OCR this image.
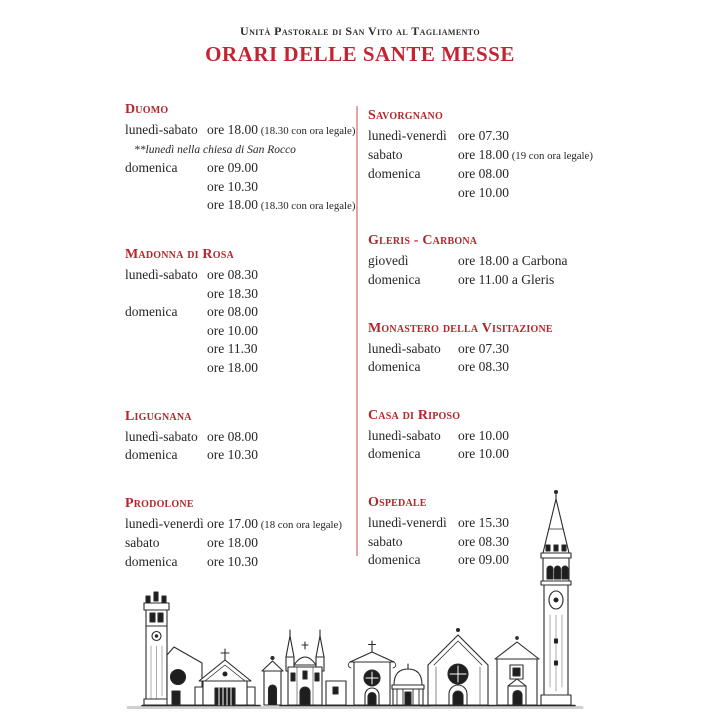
Unità Pastorale di San Vito al Tagliamento
ORARI DELLE SANTE MESSE
Duomo
lunedì-sabato ore 18.00 (18.30 con ora legale)
**lunedì nella chiesa di San Rocco
domenica	ore 09.00
ore 10.30
ore 18.00 (18.30 con ora legale)
Madonna di Rosa
lunedì-sabato ore 08.30
ore 18.30
domenica	ore 08.00
ore 10.00
ore 11.30
ore 18.00
Ligugnana
lunedì-sabato ore 08.00
domenica	ore 10.30
Prodolone
lunedì-venerdì ore 17.00 (18 con ora legale)
sabato	ore 18.00
domenica	ore 10.30
Savorgnano
lunedì-venerdì ore 07.30
sabato	ore 18.00 (19 con ora legale)
domenica	ore 08.00
ore 10.00
Gleris - Carbona
giovedì	ore 18.00 a Carbona
domenica	ore 11.00 a Gleris
Monastero della Visitazione
lunedì-sabato	ore 07.30
domenica	ore 08.30
Casa di Riposo
lunedì-sabato	ore 10.00
domenica	ore 10.00
Ospedale
lunedì-venerdì ore 15.30
sabato	ore 08.30
domenica	ore 09.00
